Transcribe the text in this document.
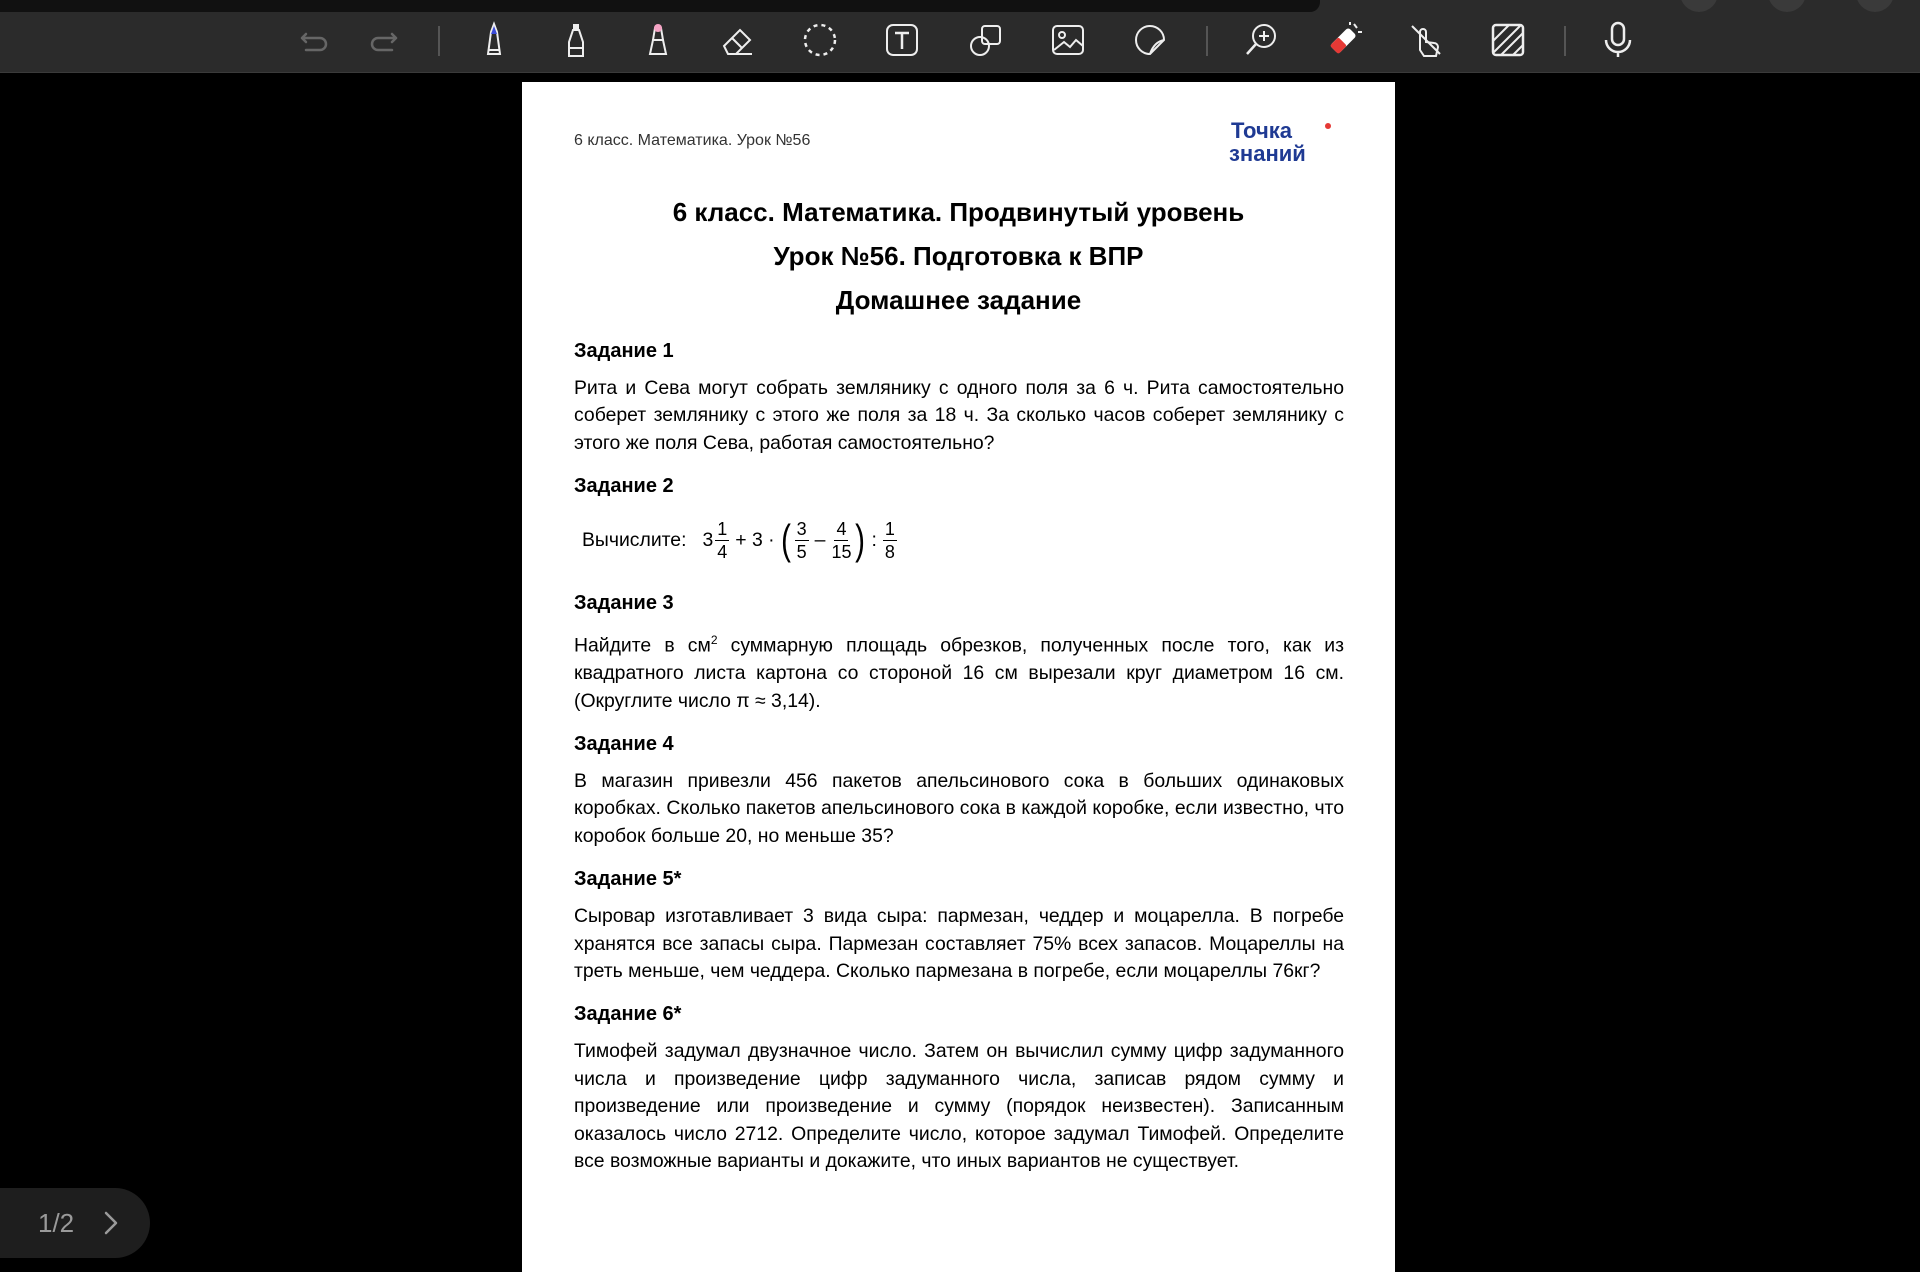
6 класс. Математика. Урок №56	Точка
знаний
6 класс. Математика. Продвинутый уровень
Урок №56. Подготовка к ВПР
Домашнее задание
Задание 1
Рита и Сева могут собрать землянику с одного поля за 6 ч. Рита самостоятельно соберет землянику с этого же поля за 18 ч. За сколько часов соберет землянику с этого же поля Сева, работая самостоятельно?
Задание 2
Вычислите: $3 \frac{1}{4} + 3$ · ( $\frac{3}{5} - \frac{4}{15}$ ) : $\frac{1}{8}$
Задание 3
Найдите в $см^2$ суммарную площадь обрезков, полученных после того, как из квадратного листа картона со стороной 16 см вырезали круг диаметром 16 см. (Округлите число π ≈ 3,14).
Задание 4
В магазин привезли 456 пакетов апельсинового сока в больших одинаковых коробках. Сколько пакетов апельсинового сока в каждой коробке, если известно, что коробок больше 20, но меньше 35?
Задание 5*
Сыровар изготавливает 3 вида сыра: пармезан, чеддер и моцарелла. В погребе хранятся все запасы сыра. Пармезан составляет 75% всех запасов. Моцареллы на треть меньше, чем чеддера. Сколько пармезана в погребе, если моцареллы 76кг?
Задание 6*
Тимофей задумал двузначное число. Затем он вычислил сумму цифр задуманного числа и произведение цифр задуманного числа, записав рядом сумму и произведение или произведение и сумму (порядок неизвестен). Записанным оказалось число 2712. Определите число, которое задумал Тимофей. Определите все возможные варианты и докажите, что иных вариантов не существует.
1/2
